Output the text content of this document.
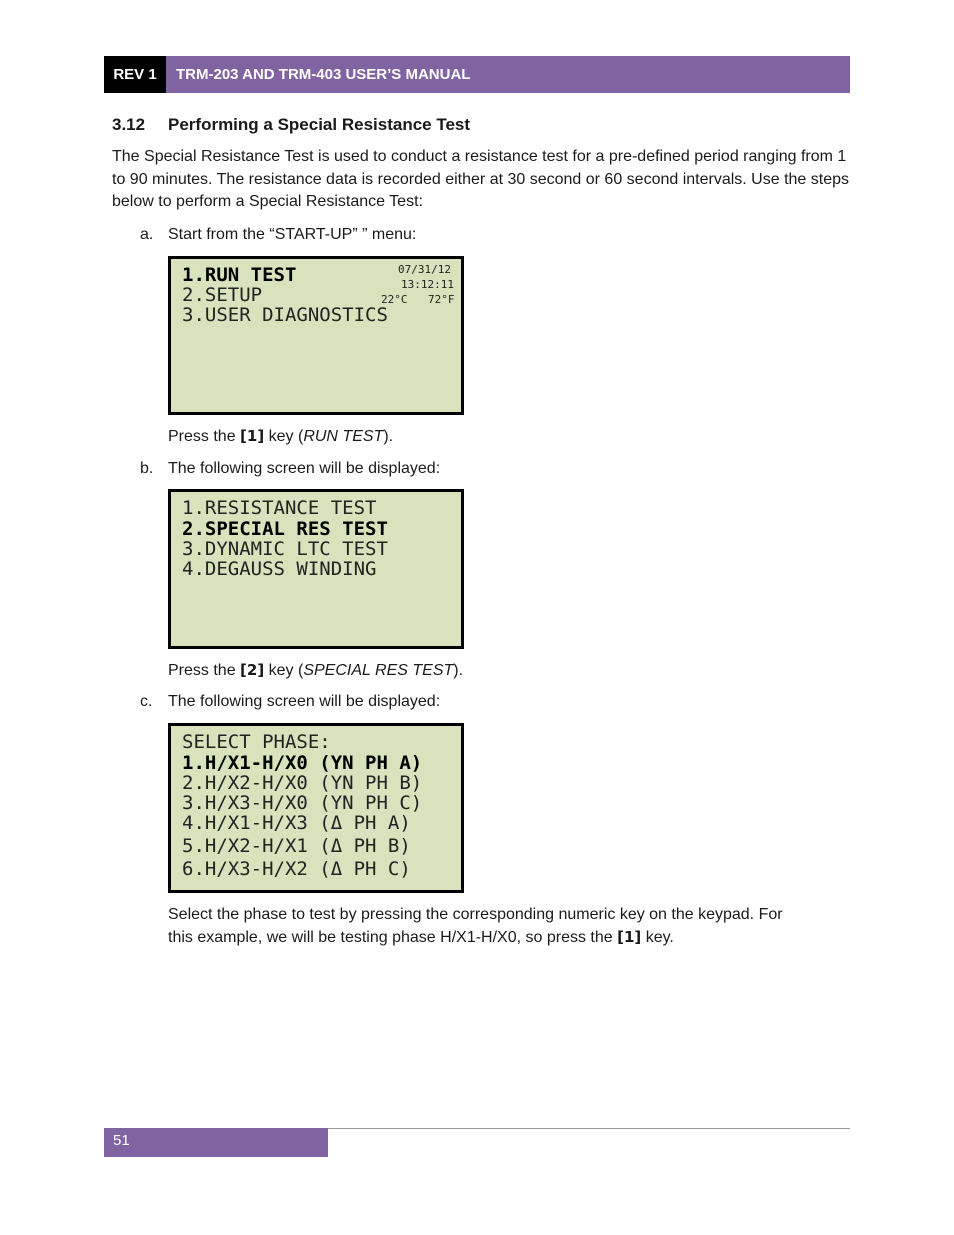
REV 1	TRM-203 AND TRM-403 USER’S MANUAL
3.12 Performing a Special Resistance Test
The Special Resistance Test is used to conduct a resistance test for a pre-defined period ranging from 1 to 90 minutes. The resistance data is recorded either at 30 second or 60 second intervals. Use the steps below to perform a Special Resistance Test:
a. Start from the “START-UP” ” menu:
1.RUN TEST
2.SETUP
3.USER DIAGNOSTICS
07/31/12
13:12:11
22°C 72°F
Press the [1] key (RUN TEST).
b. The following screen will be displayed:
1.RESISTANCE TEST
2.SPECIAL RES TEST
3.DYNAMIC LTC TEST
4.DEGAUSS WINDING
Press the [2] key (SPECIAL RES TEST).
c. The following screen will be displayed:
SELECT PHASE:
1.H/X1-H/X0 (YN PH A)
2.H/X2-H/X0 (YN PH B)
3.H/X3-H/X0 (YN PH C)
4.H/X1-H/X3 (Δ PH A)
5.H/X2-H/X1 (Δ PH B)
6.H/X3-H/X2 (Δ PH C)
Select the phase to test by pressing the corresponding numeric key on the keypad. For
this example, we will be testing phase H/X1-H/X0, so press the [1] key.
51
